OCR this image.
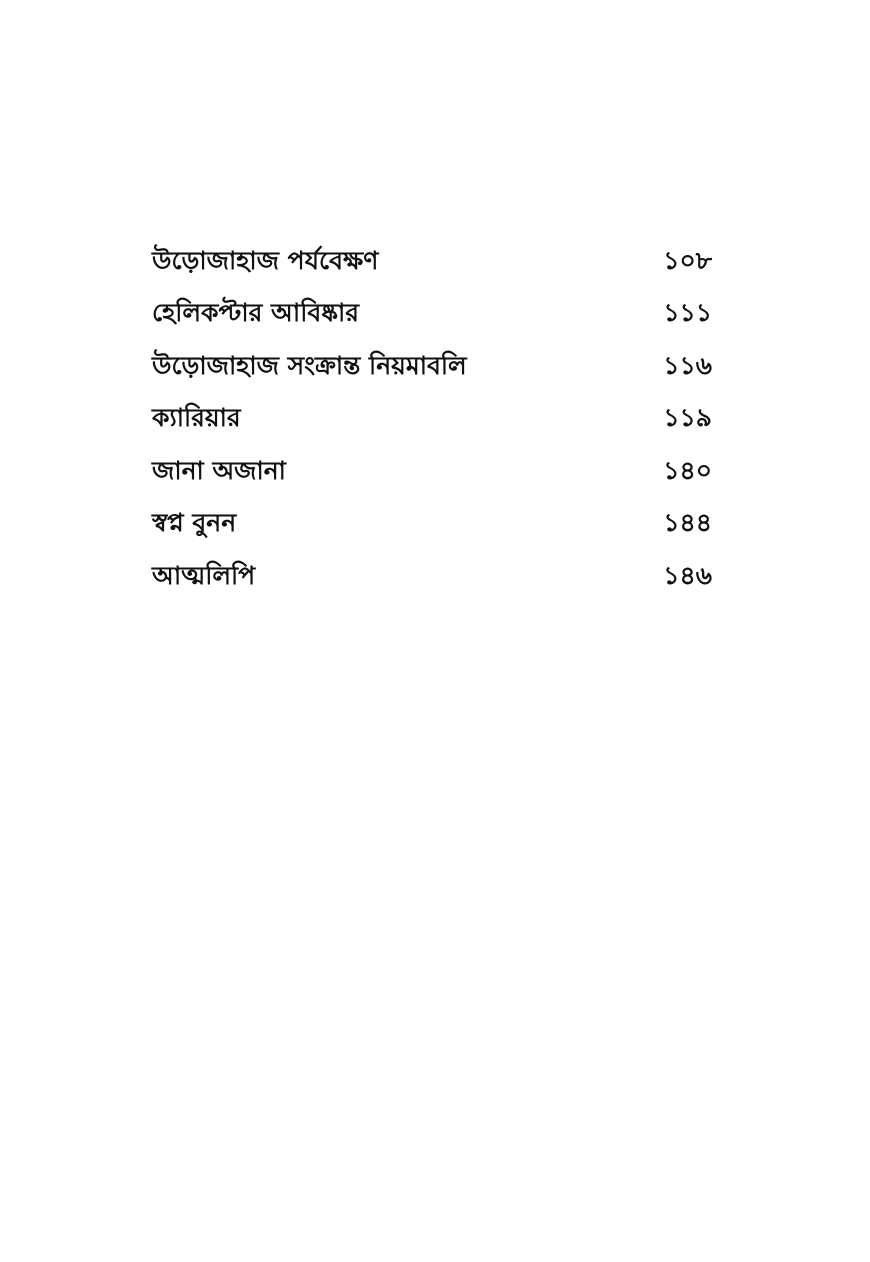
উড়োজাহাজ পর্যবেক্ষণ	১০৮
হেলিকপ্টার আবিষ্কার	১১১
উড়োজাহাজ সংক্রান্ত নিয়মাবলি	১১৬
ক্যারিয়ার	১১৯
জানা অজানা	১৪০
স্বপ্ন বুনন	১৪৪
আত্মলিপি	১৪৬
